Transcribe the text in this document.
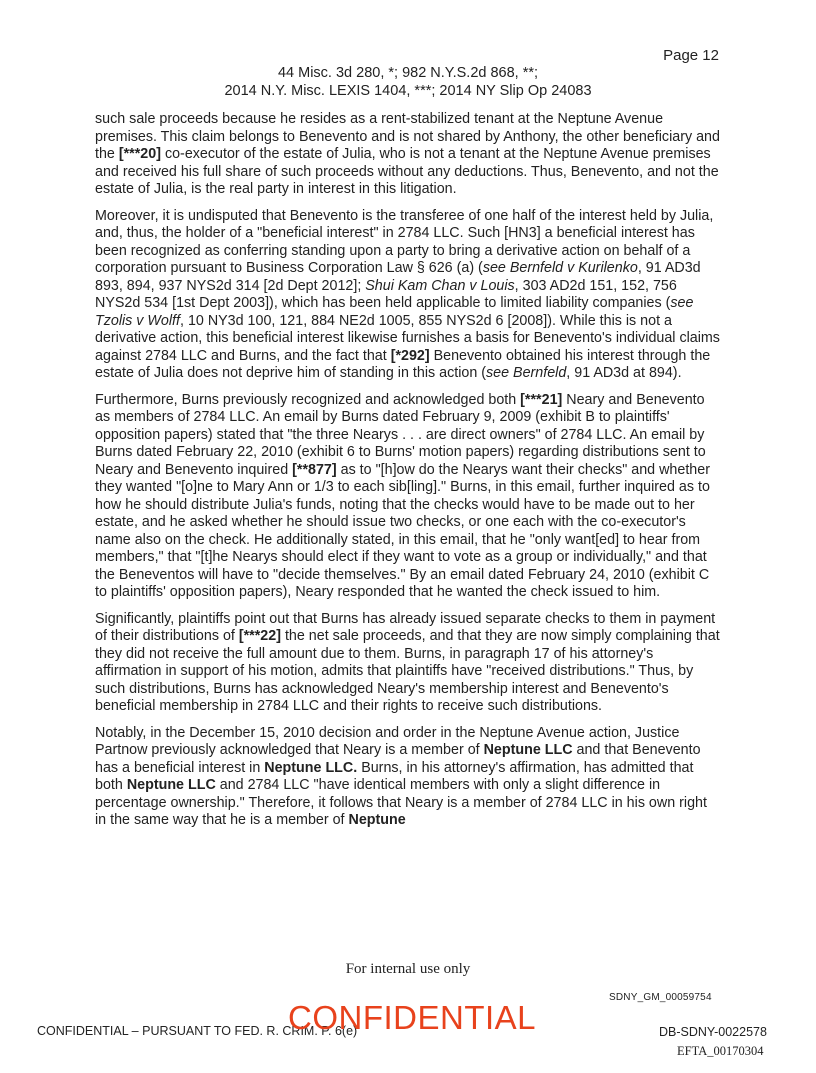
Page 12
44 Misc. 3d 280, *; 982 N.Y.S.2d 868, **;
2014 N.Y. Misc. LEXIS 1404, ***; 2014 NY Slip Op 24083

such sale proceeds because he resides as a rent-stabilized tenant at the Neptune Avenue premises. This claim belongs to Benevento and is not shared by Anthony, the other beneficiary and the [***20] co-executor of the estate of Julia, who is not a tenant at the Neptune Avenue premises and received his full share of such proceeds without any deductions. Thus, Benevento, and not the estate of Julia, is the real party in interest in this litigation.

Moreover, it is undisputed that Benevento is the transferee of one half of the interest held by Julia, and, thus, the holder of a "beneficial interest" in 2784 LLC. Such [HN3] a beneficial interest has been recognized as conferring standing upon a party to bring a derivative action on behalf of a corporation pursuant to Business Corporation Law § 626 (a) (see Bernfeld v Kurilenko, 91 AD3d 893, 894, 937 NYS2d 314 [2d Dept 2012]; Shui Kam Chan v Louis, 303 AD2d 151, 152, 756 NYS2d 534 [1st Dept 2003]), which has been held applicable to limited liability companies (see Tzolis v Wolff, 10 NY3d 100, 121, 884 NE2d 1005, 855 NYS2d 6 [2008]). While this is not a derivative action, this beneficial interest likewise furnishes a basis for Benevento's individual claims against 2784 LLC and Burns, and the fact that [*292] Benevento obtained his interest through the estate of Julia does not deprive him of standing in this action (see Bernfeld, 91 AD3d at 894).

Furthermore, Burns previously recognized and acknowledged both [***21] Neary and Benevento as members of 2784 LLC. An email by Burns dated February 9, 2009 (exhibit B to plaintiffs' opposition papers) stated that "the three Nearys . . . are direct owners" of 2784 LLC. An email by Burns dated February 22, 2010 (exhibit 6 to Burns' motion papers) regarding distributions sent to Neary and Benevento inquired [**877] as to "[h]ow do the Nearys want their checks" and whether they wanted "[o]ne to Mary Ann or 1/3 to each sib[ling]." Burns, in this email, further inquired as to how he should distribute Julia's funds, noting that the checks would have to be made out to her estate, and he asked whether he should issue two checks, or one each with the co-executor's name also on the check. He additionally stated, in this email, that he "only want[ed] to hear from members," that "[t]he Nearys should elect if they want to vote as a group or individually," and that the Beneventos will have to "decide themselves." By an email dated February 24, 2010 (exhibit C to plaintiffs' opposition papers), Neary responded that he wanted the check issued to him.

Significantly, plaintiffs point out that Burns has already issued separate checks to them in payment of their distributions of [***22] the net sale proceeds, and that they are now simply complaining that they did not receive the full amount due to them. Burns, in paragraph 17 of his attorney's affirmation in support of his motion, admits that plaintiffs have "received distributions." Thus, by such distributions, Burns has acknowledged Neary's membership interest and Benevento's beneficial membership in 2784 LLC and their rights to receive such distributions.

Notably, in the December 15, 2010 decision and order in the Neptune Avenue action, Justice Partnow previously acknowledged that Neary is a member of Neptune LLC and that Benevento has a beneficial interest in Neptune LLC. Burns, in his attorney's affirmation, has admitted that both Neptune LLC and 2784 LLC "have identical members with only a slight difference in percentage ownership." Therefore, it follows that Neary is a member of 2784 LLC in his own right in the same way that he is a member of Neptune

For internal use only
SDNY_GM_00059754
CONFIDENTIAL – PURSUANT TO FED. R. CRIM. P. 6(e)
CONFIDENTIAL	DB-SDNY-0022578
EFTA_00170304
